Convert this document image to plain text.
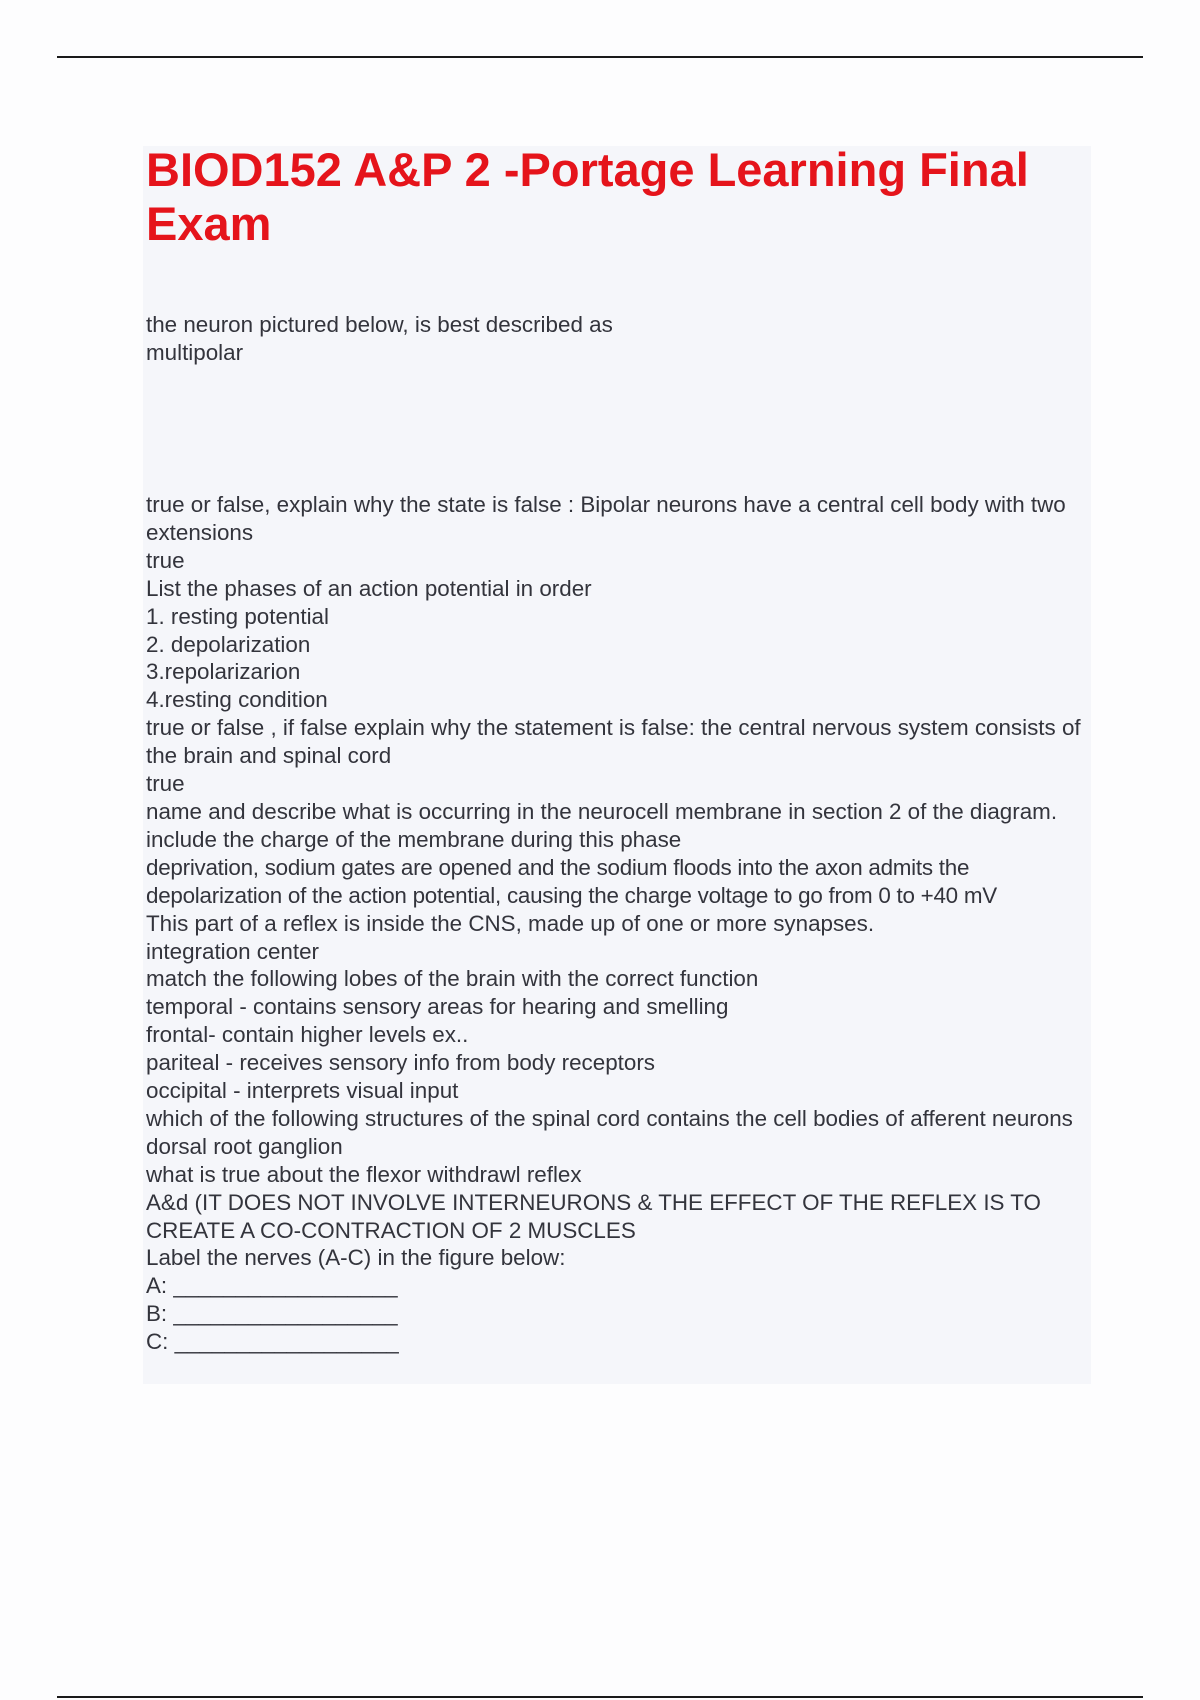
BIOD152 A&P 2 -Portage Learning Final Exam
the neuron pictured below, is best described as
multipolar
true or false, explain why the state is false : Bipolar neurons have a central cell body with two extensions
true
List the phases of an action potential in order
1. resting potential
2. depolarization
3.repolarizarion
4.resting condition
true or false , if false explain why the statement is false: the central nervous system consists of the brain and spinal cord
true
name and describe what is occurring in the neurocell membrane in section 2 of the diagram. include the charge of the membrane during this phase
deprivation, sodium gates are opened and the sodium floods into the axon admits the depolarization of the action potential, causing the charge voltage to go from 0 to +40 mV
This part of a reflex is inside the CNS, made up of one or more synapses.
integration center
match the following lobes of the brain with the correct function
temporal - contains sensory areas for hearing and smelling
frontal- contain higher levels ex..
pariteal - receives sensory info from body receptors
occipital - interprets visual input
which of the following structures of the spinal cord contains the cell bodies of afferent neurons
dorsal root ganglion
what is true about the flexor withdrawl reflex
A&d (IT DOES NOT INVOLVE INTERNEURONS & THE EFFECT OF THE REFLEX IS TO CREATE A CO-CONTRACTION OF 2 MUSCLES
Label the nerves (A-C) in the figure below:
A: __________________
B: __________________
C: __________________
